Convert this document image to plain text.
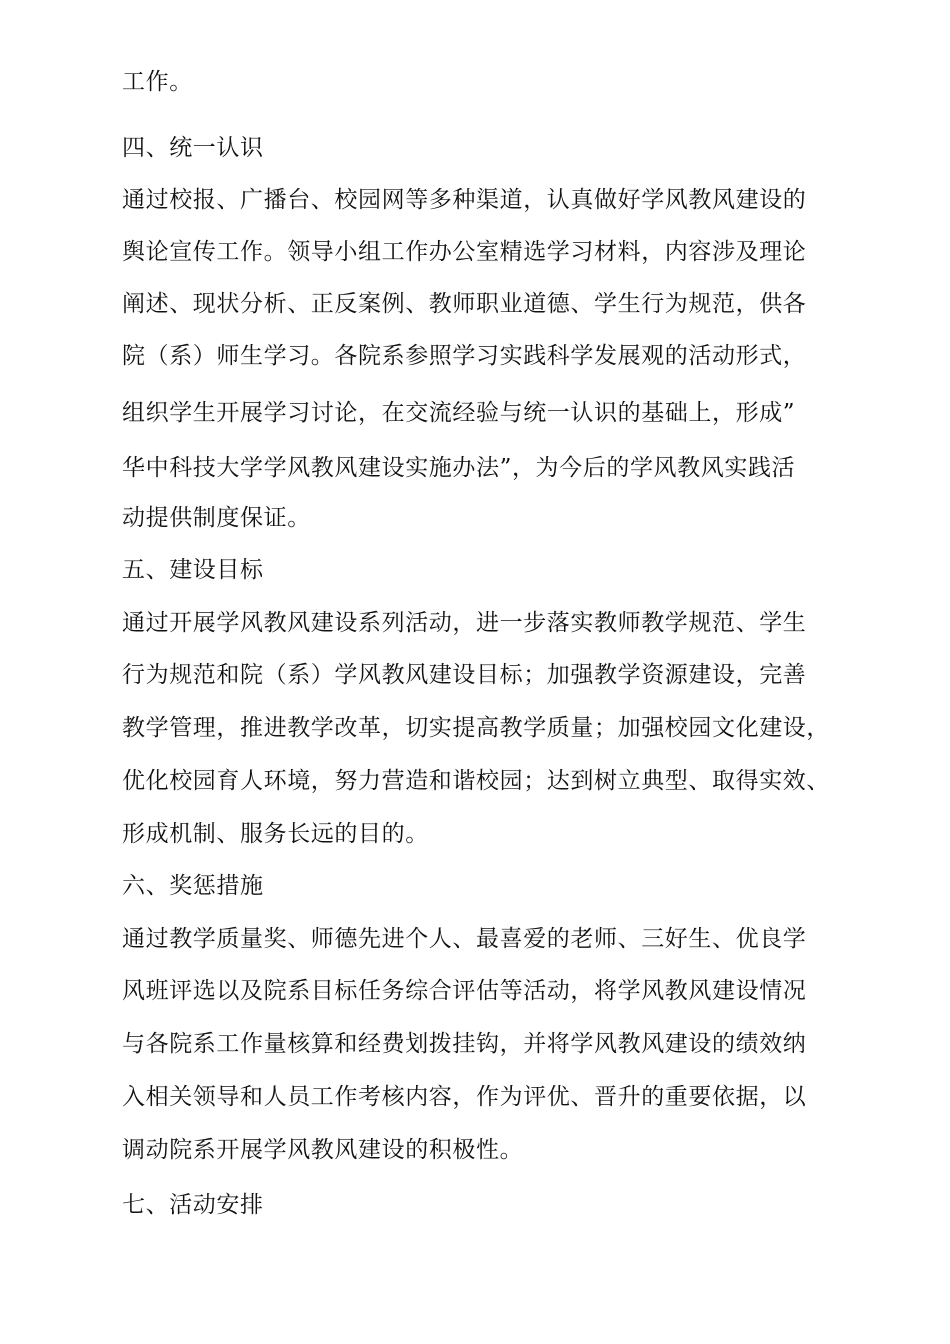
工作。
四、统一认识
通过校报、广播台、校园网等多种渠道，认真做好学风教风建设的
舆论宣传工作。领导小组工作办公室精选学习材料，内容涉及理论
阐述、现状分析、正反案例、教师职业道德、学生行为规范，供各
院（系）师生学习。各院系参照学习实践科学发展观的活动形式，
组织学生开展学习讨论，在交流经验与统一认识的基础上，形成”
华中科技大学学风教风建设实施办法”，为今后的学风教风实践活
动提供制度保证。
五、建设目标
通过开展学风教风建设系列活动，进一步落实教师教学规范、学生
行为规范和院（系）学风教风建设目标；加强教学资源建设，完善
教学管理，推进教学改革，切实提高教学质量；加强校园文化建设，
优化校园育人环境，努力营造和谐校园；达到树立典型、取得实效、
形成机制、服务长远的目的。
六、奖惩措施
通过教学质量奖、师德先进个人、最喜爱的老师、三好生、优良学
风班评选以及院系目标任务综合评估等活动，将学风教风建设情况
与各院系工作量核算和经费划拨挂钩，并将学风教风建设的绩效纳
入相关领导和人员工作考核内容，作为评优、晋升的重要依据，以
调动院系开展学风教风建设的积极性。
七、活动安排
